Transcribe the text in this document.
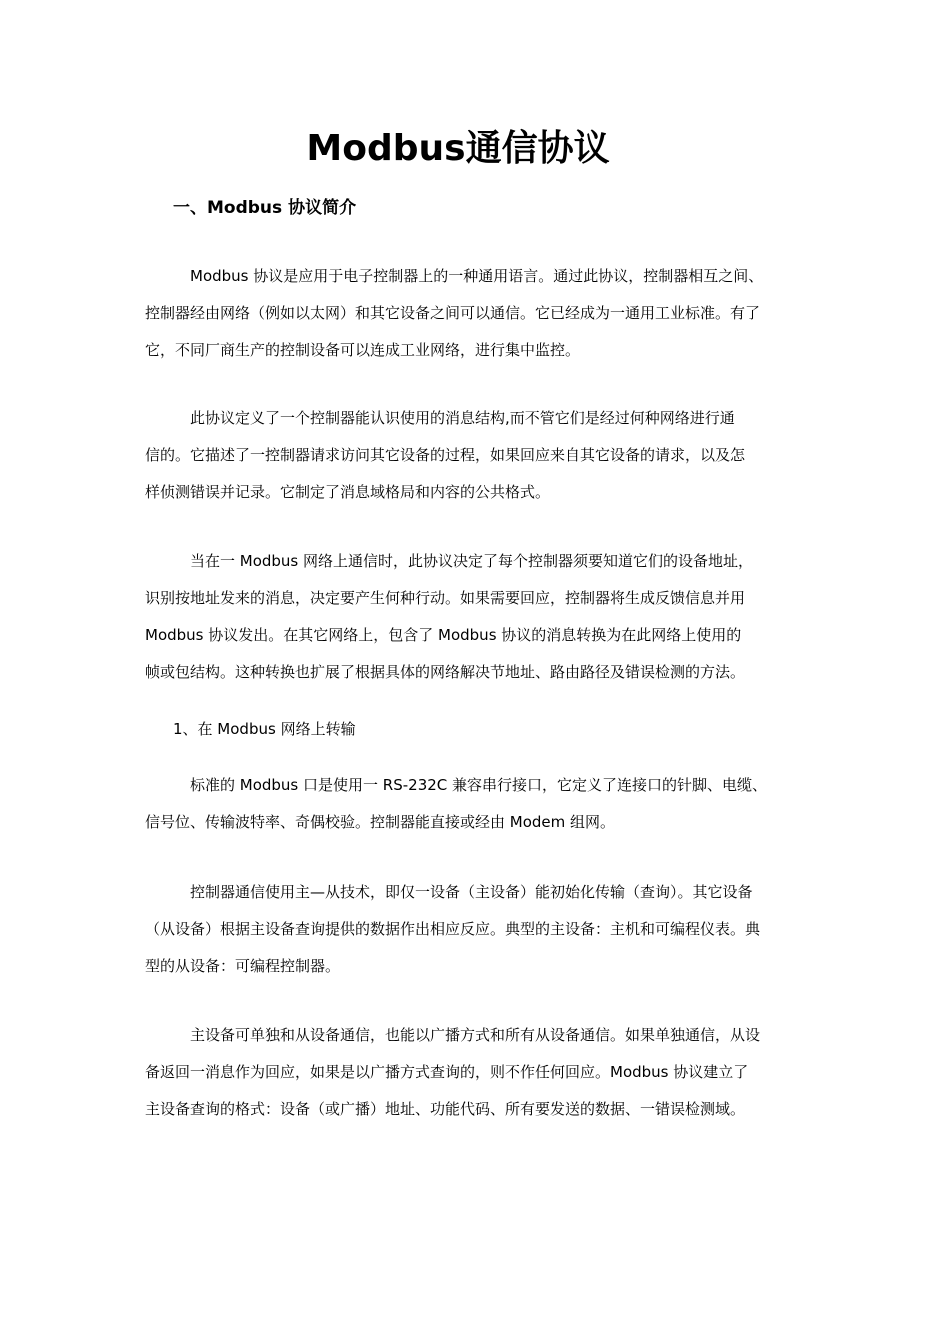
Modbus通信协议
一、Modbus 协议简介

Modbus 协议是应用于电子控制器上的一种通用语言。通过此协议，控制器相互之间、
控制器经由网络（例如以太网）和其它设备之间可以通信。它已经成为一通用工业标准。有了
它，不同厂商生产的控制设备可以连成工业网络，进行集中监控。

此协议定义了一个控制器能认识使用的消息结构,而不管它们是经过何种网络进行通
信的。它描述了一控制器请求访问其它设备的过程，如果回应来自其它设备的请求，以及怎
样侦测错误并记录。它制定了消息域格局和内容的公共格式。

当在一 Modbus 网络上通信时，此协议决定了每个控制器须要知道它们的设备地址，
识别按地址发来的消息，决定要产生何种行动。如果需要回应，控制器将生成反馈信息并用
Modbus 协议发出。在其它网络上，包含了 Modbus 协议的消息转换为在此网络上使用的
帧或包结构。这种转换也扩展了根据具体的网络解决节地址、路由路径及错误检测的方法。

1、在 Modbus 网络上转输

标准的 Modbus 口是使用一 RS-232C 兼容串行接口，它定义了连接口的针脚、电缆、
信号位、传输波特率、奇偶校验。控制器能直接或经由 Modem 组网。

控制器通信使用主—从技术，即仅一设备（主设备）能初始化传输（查询）。其它设备
（从设备）根据主设备查询提供的数据作出相应反应。典型的主设备：主机和可编程仪表。典
型的从设备：可编程控制器。

主设备可单独和从设备通信，也能以广播方式和所有从设备通信。如果单独通信，从设
备返回一消息作为回应，如果是以广播方式查询的，则不作任何回应。Modbus 协议建立了
主设备查询的格式：设备（或广播）地址、功能代码、所有要发送的数据、一错误检测域。
